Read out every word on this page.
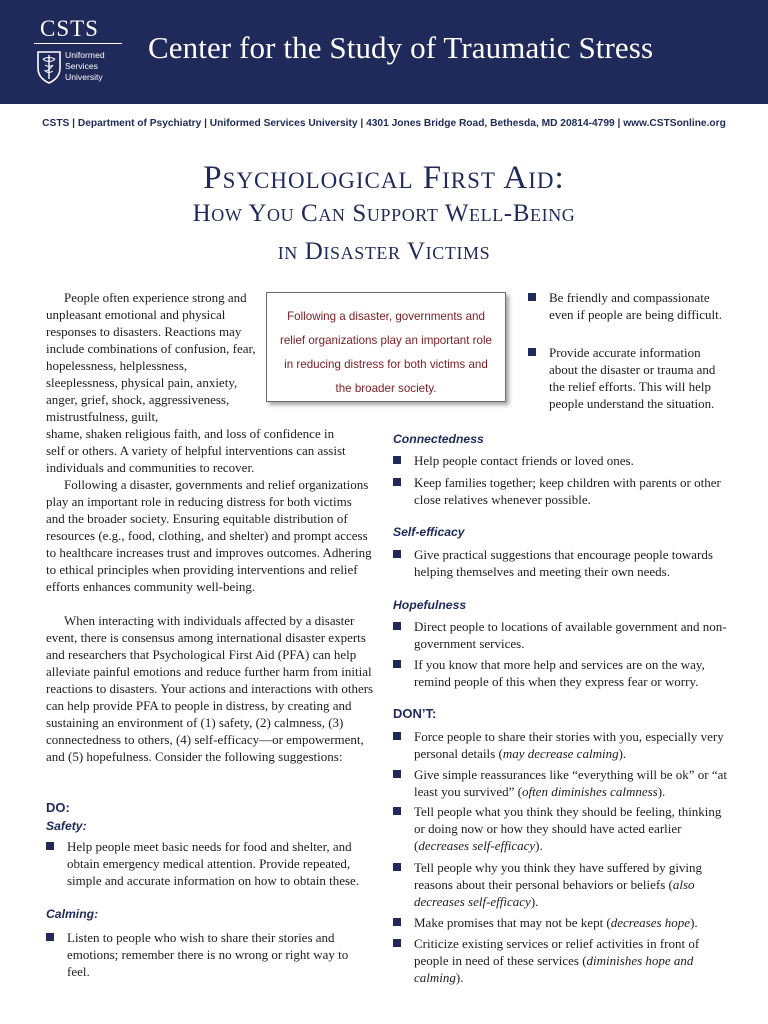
CSTS
Uniformed
Services
University
Center for the Study of Traumatic Stress
CSTS | Department of Psychiatry | Uniformed Services University | 4301 Jones Bridge Road, Bethesda, MD 20814-4799 | www.CSTSonline.org
Psychological First Aid:
How You Can Support Well-Being
in Disaster Victims
Following a disaster, governments and relief organizations play an important role in reducing distress for both victims and the broader society.
People often experience strong and unpleasant emotional and physical responses to disasters. Reactions may include combinations of confusion, fear, hopelessness, helplessness, sleeplessness, physical pain, anxiety, anger, grief, shock, aggressiveness, mistrustfulness, guilt,
shame, shaken religious faith, and loss of confidence in self or others. A variety of helpful interventions can assist individuals and communities to recover.
Following a disaster, governments and relief organizations play an important role in reducing distress for both victims and the broader society. Ensuring equitable distribution of resources (e.g., food, clothing, and shelter) and prompt access to healthcare increases trust and improves outcomes. Adhering to ethical principles when providing interventions and relief efforts enhances community well-being.
When interacting with individuals affected by a disaster event, there is consensus among international disaster experts and researchers that Psychological First Aid (PFA) can help alleviate painful emotions and reduce further harm from initial reactions to disasters. Your actions and interactions with others can help provide PFA to people in distress, by creating and sustaining an environment of (1) safety, (2) calmness, (3) connectedness to others, (4) self-efficacy—or empowerment, and (5) hopefulness. Consider the following suggestions:
DO:
Safety:
Help people meet basic needs for food and shelter, and obtain emergency medical attention. Provide repeated, simple and accurate information on how to obtain these.
Calming:
Listen to people who wish to share their stories and emotions; remember there is no wrong or right way to feel.
Be friendly and compassionate even if people are being difficult.
Provide accurate information about the disaster or trauma and the relief efforts. This will help people understand the situation.
Connectedness
Help people contact friends or loved ones.
Keep families together; keep children with parents or other close relatives whenever possible.
Self-efficacy
Give practical suggestions that encourage people towards helping themselves and meeting their own needs.
Hopefulness
Direct people to locations of available government and non-government services.
If you know that more help and services are on the way, remind people of this when they express fear or worry.
DON’T:
Force people to share their stories with you, especially very personal details (may decrease calming).
Give simple reassurances like “everything will be ok” or “at least you survived” (often diminishes calmness).
Tell people what you think they should be feeling, thinking or doing now or how they should have acted earlier (decreases self-efficacy).
Tell people why you think they have suffered by giving reasons about their personal behaviors or beliefs (also decreases self-efficacy).
Make promises that may not be kept (decreases hope).
Criticize existing services or relief activities in front of people in need of these services (diminishes hope and calming).
